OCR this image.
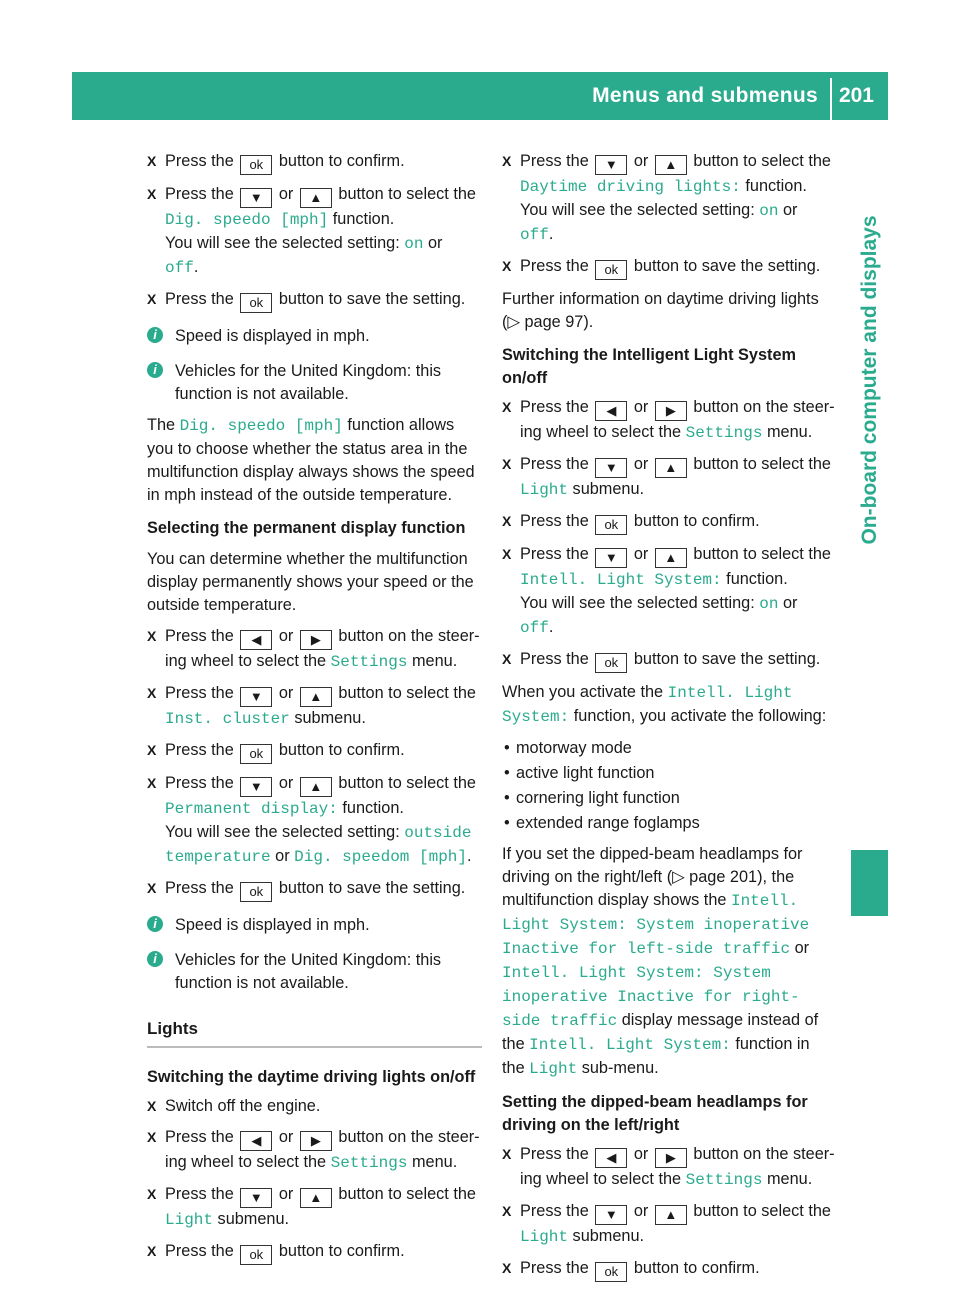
Menus and submenus 201
On-board computer and displays
X Press the ok button to confirm.
X Press the ▼ or ▲ button to select the
Dig. speedo [mph] function.
You will see the selected setting: on or
off.
X Press the ok button to save the setting.
i	Speed is displayed in mph.
i	Vehicles for the United Kingdom: this function is not available.
The Dig. speedo [mph] function allows you to choose whether the status area in the multifunction display always shows the speed in mph instead of the outside temperature.
Selecting the permanent display function
You can determine whether the multifunction display permanently shows your speed or the outside temperature.
X Press the ◀ or ▶ button on the steer-
ing wheel to select the Settings menu.
X Press the ▼ or ▲ button to select the
Inst. cluster submenu.
X Press the ok button to confirm.
X Press the ▼ or ▲ button to select the
Permanent display: function.
You will see the selected setting: outside temperature or Dig. speedom [mph].
X Press the ok button to save the setting.
i	Speed is displayed in mph.
i	Vehicles for the United Kingdom: this function is not available.
Lights
Switching the daytime driving lights on/off
X Switch off the engine.
X Press the ◀ or ▶ button on the steer-
ing wheel to select the Settings menu.
X Press the ▼ or ▲ button to select the
Light submenu.
X Press the ok button to confirm.
X Press the ▼ or ▲ button to select the
Daytime driving lights: function.
You will see the selected setting: on or
off.
X Press the ok button to save the setting.
Further information on daytime driving lights (▷ page 97).
Switching the Intelligent Light System on/off
X Press the ◀ or ▶ button on the steer-
ing wheel to select the Settings menu.
X Press the ▼ or ▲ button to select the
Light submenu.
X Press the ok button to confirm.
X Press the ▼ or ▲ button to select the
Intell. Light System: function.
You will see the selected setting: on or
off.
X Press the ok button to save the setting.
When you activate the Intell. Light System: function, you activate the following:
• motorway mode
• active light function
• cornering light function
• extended range foglamps
If you set the dipped-beam headlamps for driving on the right/left (▷ page 201), the multifunction display shows the Intell. Light System: System inoperative Inactive for left-side traffic or Intell. Light System: System inoperative Inactive for right-side traffic display message instead of the Intell. Light System: function in the Light sub-menu.
Setting the dipped-beam headlamps for driving on the left/right
X Press the ◀ or ▶ button on the steer-
ing wheel to select the Settings menu.
X Press the ▼ or ▲ button to select the
Light submenu.
X Press the ok button to confirm.
